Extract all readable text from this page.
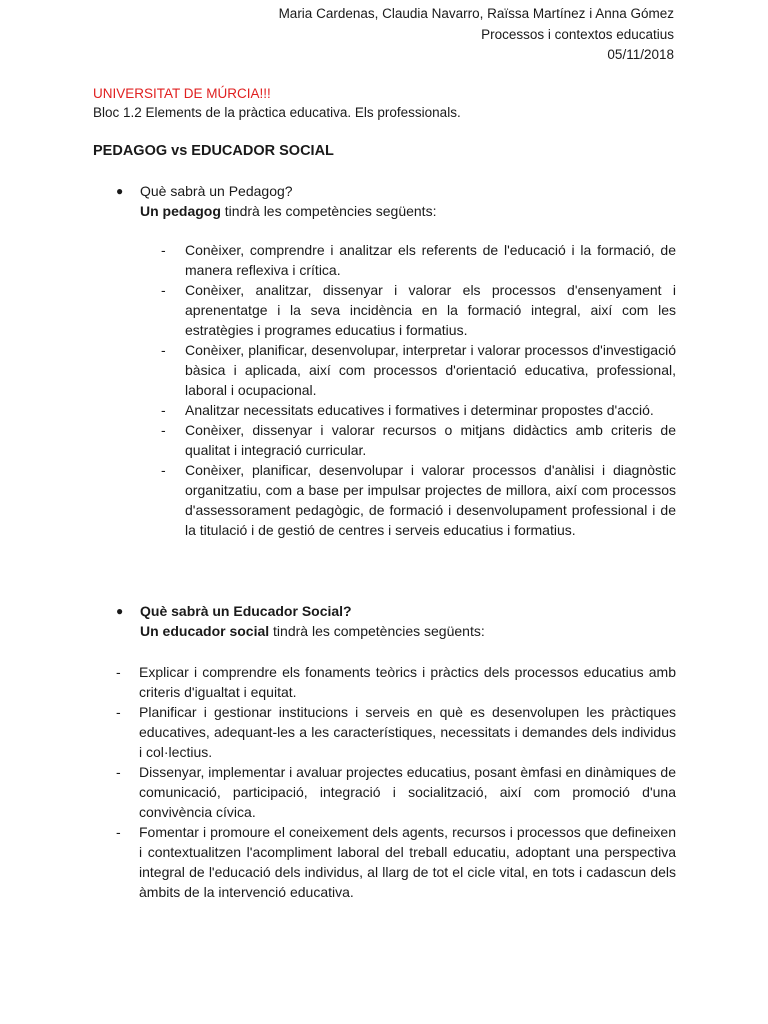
Maria Cardenas, Claudia Navarro, Raïssa Martínez i Anna Gómez
Processos i contextos educatius
05/11/2018
UNIVERSITAT DE MÚRCIA!!!
Bloc 1.2 Elements de la pràctica educativa. Els professionals.
PEDAGOG vs EDUCADOR SOCIAL
●	Què sabrà un Pedagog?
Un pedagog tindrà les competències següents:
- Conèixer, comprendre i analitzar els referents de l'educació i la formació, de manera reflexiva i crítica.
- Conèixer, analitzar, dissenyar i valorar els processos d'ensenyament i aprenentatge i la seva incidència en la formació integral, així com les estratègies i programes educatius i formatius.
- Conèixer, planificar, desenvolupar, interpretar i valorar processos d'investigació bàsica i aplicada, així com processos d'orientació educativa, professional, laboral i ocupacional.
- Analitzar necessitats educatives i formatives i determinar propostes d'acció.
- Conèixer, dissenyar i valorar recursos o mitjans didàctics amb criteris de qualitat i integració curricular.
- Conèixer, planificar, desenvolupar i valorar processos d'anàlisi i diagnòstic organitzatiu, com a base per impulsar projectes de millora, així com processos d'assessorament pedagògic, de formació i desenvolupament professional i de la titulació i de gestió de centres i serveis educatius i formatius.
●	Què sabrà un Educador Social?
Un educador social tindrà les competències següents:
- Explicar i comprendre els fonaments teòrics i pràctics dels processos educatius amb criteris d'igualtat i equitat.
- Planificar i gestionar institucions i serveis en què es desenvolupen les pràctiques educatives, adequant-les a les característiques, necessitats i demandes dels individus i col·lectius.
- Dissenyar, implementar i avaluar projectes educatius, posant èmfasi en dinàmiques de comunicació, participació, integració i socialització, així com promoció d'una convivència cívica.
- Fomentar i promoure el coneixement dels agents, recursos i processos que defineixen i contextualitzen l'acompliment laboral del treball educatiu, adoptant una perspectiva integral de l'educació dels individus, al llarg de tot el cicle vital, en tots i cadascun dels àmbits de la intervenció educativa.
